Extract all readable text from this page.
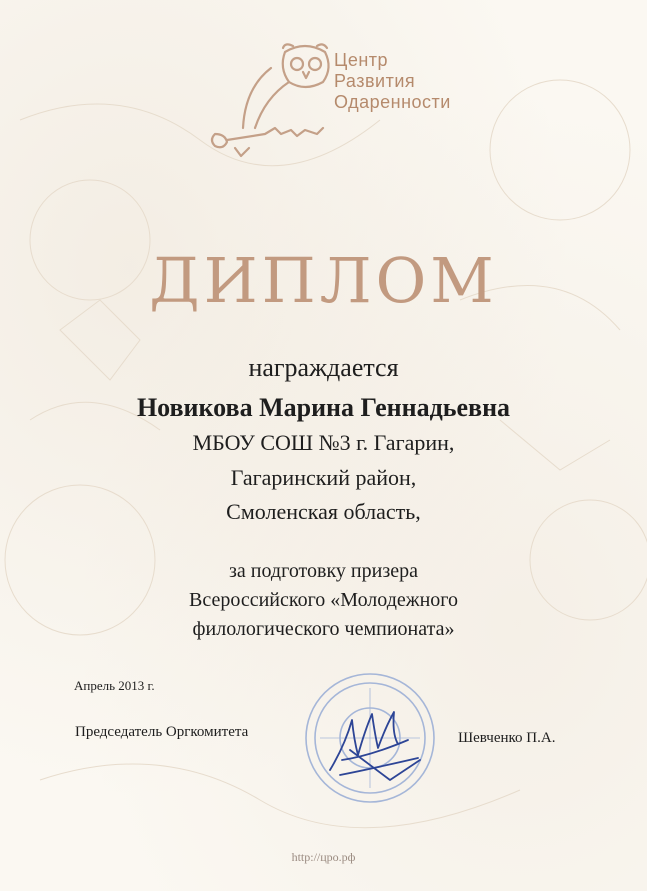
Центр
Развития
Одаренности
ДИПЛОМ
награждается
Новикова Марина Геннадьевна
МБОУ СОШ №3 г. Гагарин,
Гагаринский район,
Смоленская область,
за подготовку призера
Всероссийского «Молодежного
филологического чемпионата»
Апрель 2013 г.
Председатель Оргкомитета	Шевченко П.А.
http://цро.рф
